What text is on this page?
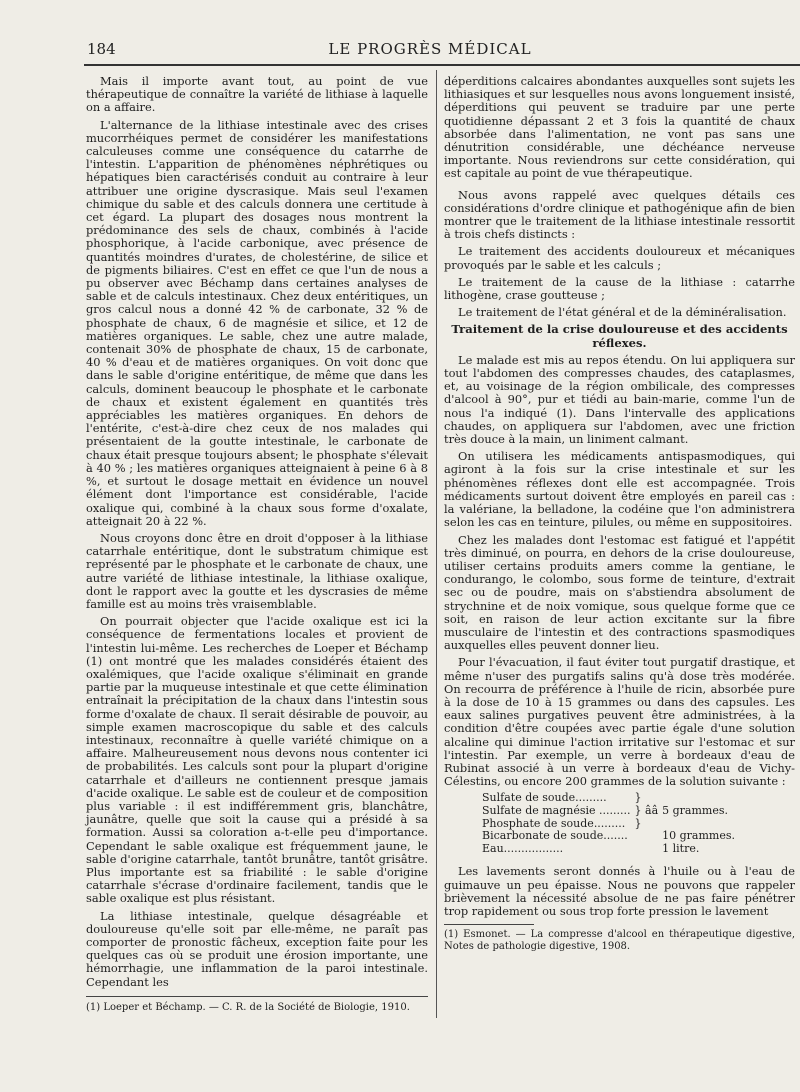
184	LE PROGRÈS MÉDICAL

Mais il importe avant tout, au point de vue thérapeutique de connaître la variété de lithiase à laquelle on a affaire.

L'alternance de la lithiase intestinale avec des crises mucorrhéiques permet de considérer les manifestations calculeuses comme une conséquence du catarrhe de l'intestin. L'apparition de phénomènes néphrétiques ou hépatiques bien caractérisés conduit au contraire à leur attribuer une origine dyscrasique. Mais seul l'examen chimique du sable et des calculs donnera une certitude à cet égard. La plupart des dosages nous montrent la prédominance des sels de chaux, combinés à l'acide phosphorique, à l'acide carbonique, avec présence de quantités moindres d'urates, de cholestérine, de silice et de pigments biliaires. C'est en effet ce que l'un de nous a pu observer avec Béchamp dans certaines analyses de sable et de calculs intestinaux. Chez deux entéritiques, un gros calcul nous a donné 42 % de carbonate, 32 % de phosphate de chaux, 6 de magnésie et silice, et 12 de matières organiques. Le sable, chez une autre malade, contenait 30% de phosphate de chaux, 15 de carbonate, 40 % d'eau et de matières organiques. On voit donc que dans le sable d'origine entéritique, de même que dans les calculs, dominent beaucoup le phosphate et le carbonate de chaux et existent également en quantités très appréciables les matières organiques. En dehors de l'entérite, c'est-à-dire chez ceux de nos malades qui présentaient de la goutte intestinale, le carbonate de chaux était presque toujours absent; le phosphate s'élevait à 40 % ; les matières organiques atteignaient à peine 6 à 8 %, et surtout le dosage mettait en évidence un nouvel élément dont l'importance est considérable, l'acide oxalique qui, combiné à la chaux sous forme d'oxalate, atteignait 20 à 22 %.

Nous croyons donc être en droit d'opposer à la lithiase catarrhale entéritique, dont le substratum chimique est représenté par le phosphate et le carbonate de chaux, une autre variété de lithiase intestinale, la lithiase oxalique, dont le rapport avec la goutte et les dyscrasies de même famille est au moins très vraisemblable.

On pourrait objecter que l'acide oxalique est ici la conséquence de fermentations locales et provient de l'intestin lui-même. Les recherches de Loeper et Béchamp (1) ont montré que les malades considérés étaient des oxalémiques, que l'acide oxalique s'éliminait en grande partie par la muqueuse intestinale et que cette élimination entraînait la précipitation de la chaux dans l'intestin sous forme d'oxalate de chaux. Il serait désirable de pouvoir, au simple examen macroscopique du sable et des calculs intestinaux, reconnaître à quelle variété chimique on a affaire. Malheureusement nous devons nous contenter ici de probabilités. Les calculs sont pour la plupart d'origine catarrhale et d'ailleurs ne contiennent presque jamais d'acide oxalique. Le sable est de couleur et de composition plus variable : il est indifféremment gris, blanchâtre, jaunâtre, quelle que soit la cause qui a présidé à sa formation. Aussi sa coloration a-t-elle peu d'importance. Cependant le sable oxalique est fréquemment jaune, le sable d'origine catarrhale, tantôt brunâtre, tantôt grisâtre. Plus importante est sa friabilité : le sable d'origine catarrhale s'écrase d'ordinaire facilement, tandis que le sable oxalique est plus résistant.

La lithiase intestinale, quelque désagréable et douloureuse qu'elle soit par elle-même, ne paraît pas comporter de pronostic fâcheux, exception faite pour les quelques cas où se produit une érosion importante, une hémorrhagie, une inflammation de la paroi intestinale. Cependant les

(1) Loeper et Béchamp. — C. R. de la Société de Biologie, 1910.

déperditions calcaires abondantes auxquelles sont sujets les lithiasiques et sur lesquelles nous avons longuement insisté, déperditions qui peuvent se traduire par une perte quotidienne dépassant 2 et 3 fois la quantité de chaux absorbée dans l'alimentation, ne vont pas sans une dénutrition considérable, une déchéance nerveuse importante. Nous reviendrons sur cette considération, qui est capitale au point de vue thérapeutique.

Nous avons rappelé avec quelques détails ces considérations d'ordre clinique et pathogénique afin de bien montrer que le traitement de la lithiase intestinale ressortit à trois chefs distincts :

Le traitement des accidents douloureux et mécaniques provoqués par le sable et les calculs ;

Le traitement de la cause de la lithiase : catarrhe lithogène, crase goutteuse ;

Le traitement de l'état général et de la déminéralisation.

Traitement de la crise douloureuse et des accidents réflexes.

Le malade est mis au repos étendu. On lui appliquera sur tout l'abdomen des compresses chaudes, des cataplasmes, et, au voisinage de la région ombilicale, des compresses d'alcool à 90°, pur et tiédi au bain-marie, comme l'un de nous l'a indiqué (1). Dans l'intervalle des applications chaudes, on appliquera sur l'abdomen, avec une friction très douce à la main, un liniment calmant.

On utilisera les médicaments antispasmodiques, qui agiront à la fois sur la crise intestinale et sur les phénomènes réflexes dont elle est accompagnée. Trois médicaments surtout doivent être employés en pareil cas : la valériane, la belladone, la codéine que l'on administrera selon les cas en teinture, pilules, ou même en suppositoires.

Chez les malades dont l'estomac est fatigué et l'appétit très diminué, on pourra, en dehors de la crise douloureuse, utiliser certains produits amers comme la gentiane, le condurango, le colombo, sous forme de teinture, d'extrait sec ou de poudre, mais on s'abstiendra absolument de strychnine et de noix vomique, sous quelque forme que ce soit, en raison de leur action excitante sur la fibre musculaire de l'intestin et des contractions spasmodiques auxquelles elles peuvent donner lieu.

Pour l'évacuation, il faut éviter tout purgatif drastique, et même n'user des purgatifs salins qu'à dose très modérée. On recourra de préférence à l'huile de ricin, absorbée pure à la dose de 10 à 15 grammes ou dans des capsules. Les eaux salines purgatives peuvent être administrées, à la condition d'être coupées avec partie égale d'une solution alcaline qui diminue l'action irritative sur l'estomac et sur l'intestin. Par exemple, un verre à bordeaux d'eau de Rubinat associé à un verre à bordeaux d'eau de Vichy-Célestins, ou encore 200 grammes de la solution suivante :

Sulfate de soude.........	}	
Sulfate de magnésie .........	} ââ	5 grammes.
Phosphate de soude.........	}	
Bicarbonate de soude.......		10 grammes.
Eau.................		1 litre.

Les lavements seront donnés à l'huile ou à l'eau de guimauve un peu épaisse. Nous ne pouvons que rappeler brièvement la nécessité absolue de ne pas faire pénétrer trop rapidement ou sous trop forte pression le lavement

(1) Esmonet. — La compresse d'alcool en thérapeutique digestive, Notes de pathologie digestive, 1908.
